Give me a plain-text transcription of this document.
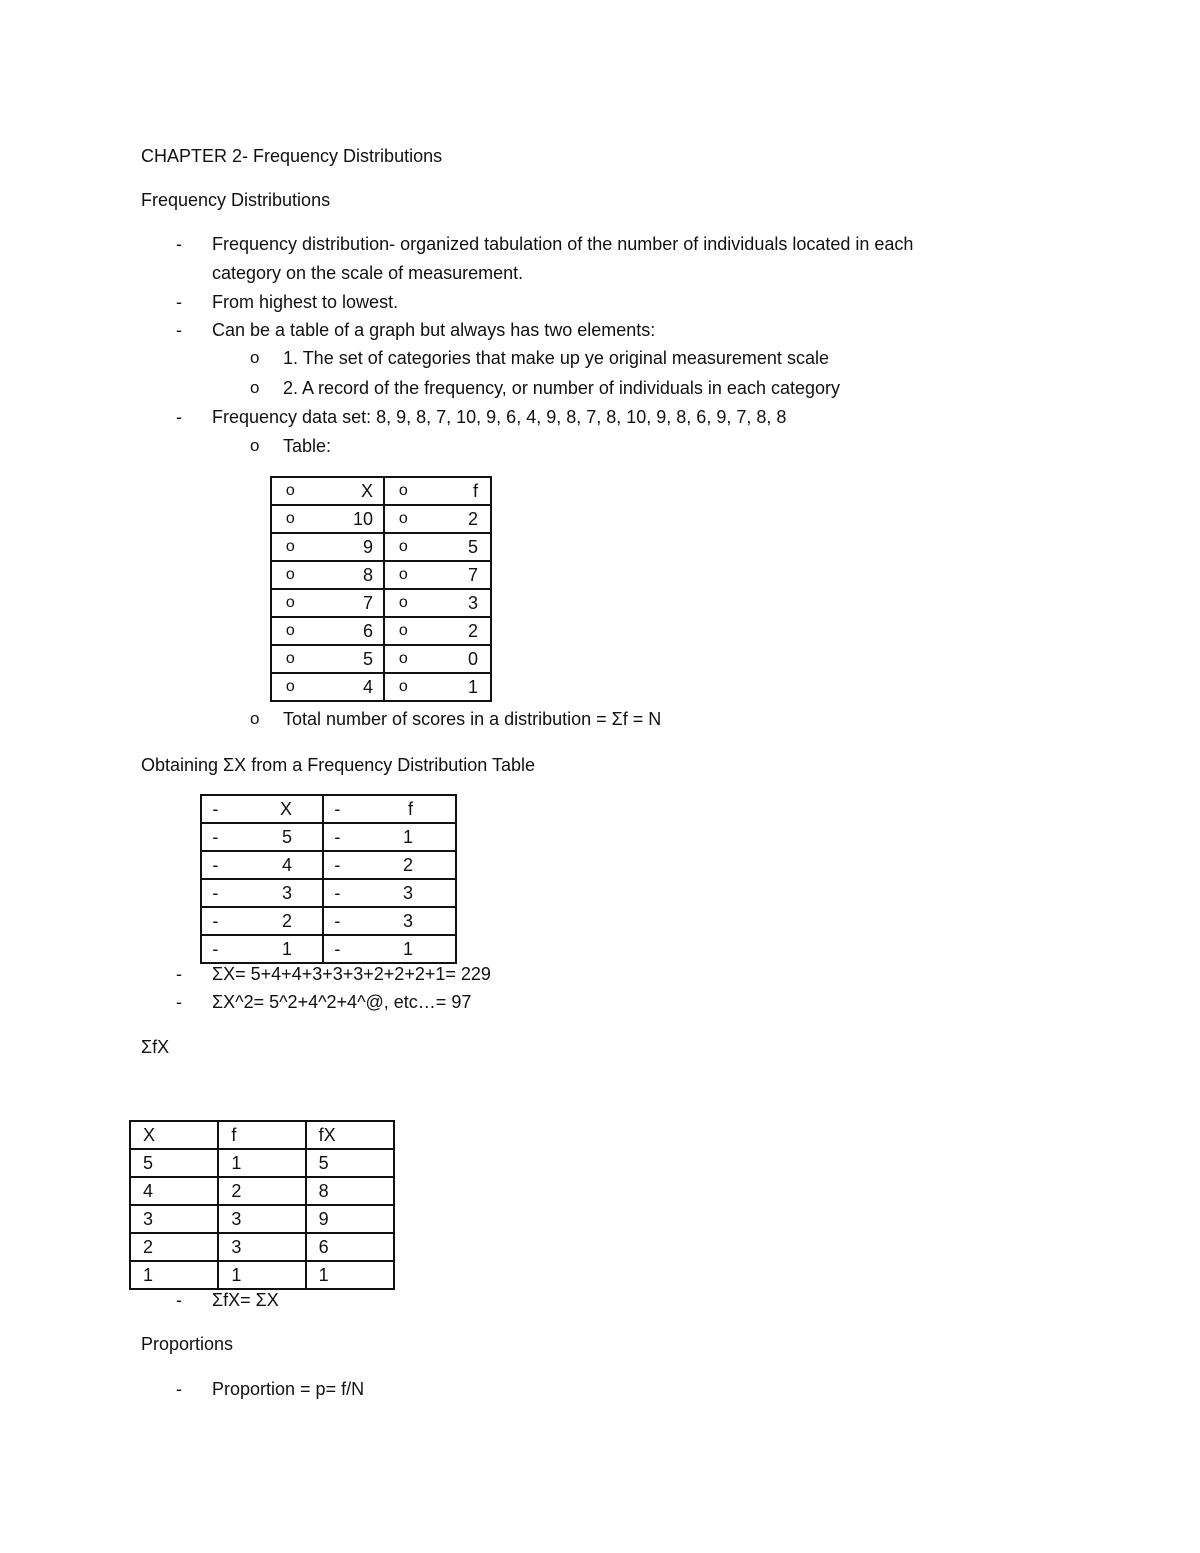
CHAPTER 2- Frequency Distributions
Frequency Distributions
- Frequency distribution- organized tabulation of the number of individuals located in each
category on the scale of measurement.
- From highest to lowest.
- Can be a table of a graph but always has two elements:
o 1. The set of categories that make up ye original measurement scale
o 2. A record of the frequency, or number of individuals in each category
- Frequency data set: 8, 9, 8, 7, 10, 9, 6, 4, 9, 8, 7, 8, 10, 9, 8, 6, 9, 7, 8, 8
o Table:
o	X	o	f
o	10	o	2
o	9	o	5
o	8	o	7
o	7	o	3
o	6	o	2
o	5	o	0
o	4	o	1
o Total number of scores in a distribution = Σf = N
Obtaining ΣX from a Frequency Distribution Table
-	X	-	f
-	5	-	1
-	4	-	2
-	3	-	3
-	2	-	3
-	1	-	1
- ΣX= 5+4+4+3+3+3+2+2+2+1= 229
- ΣX^2= 5^2+4^2+4^@, etc…= 97
ΣfX
X	f	fX
5	1	5
4	2	8
3	3	9
2	3	6
1	1	1
- ΣfX= ΣX
Proportions
- Proportion = p= f/N
